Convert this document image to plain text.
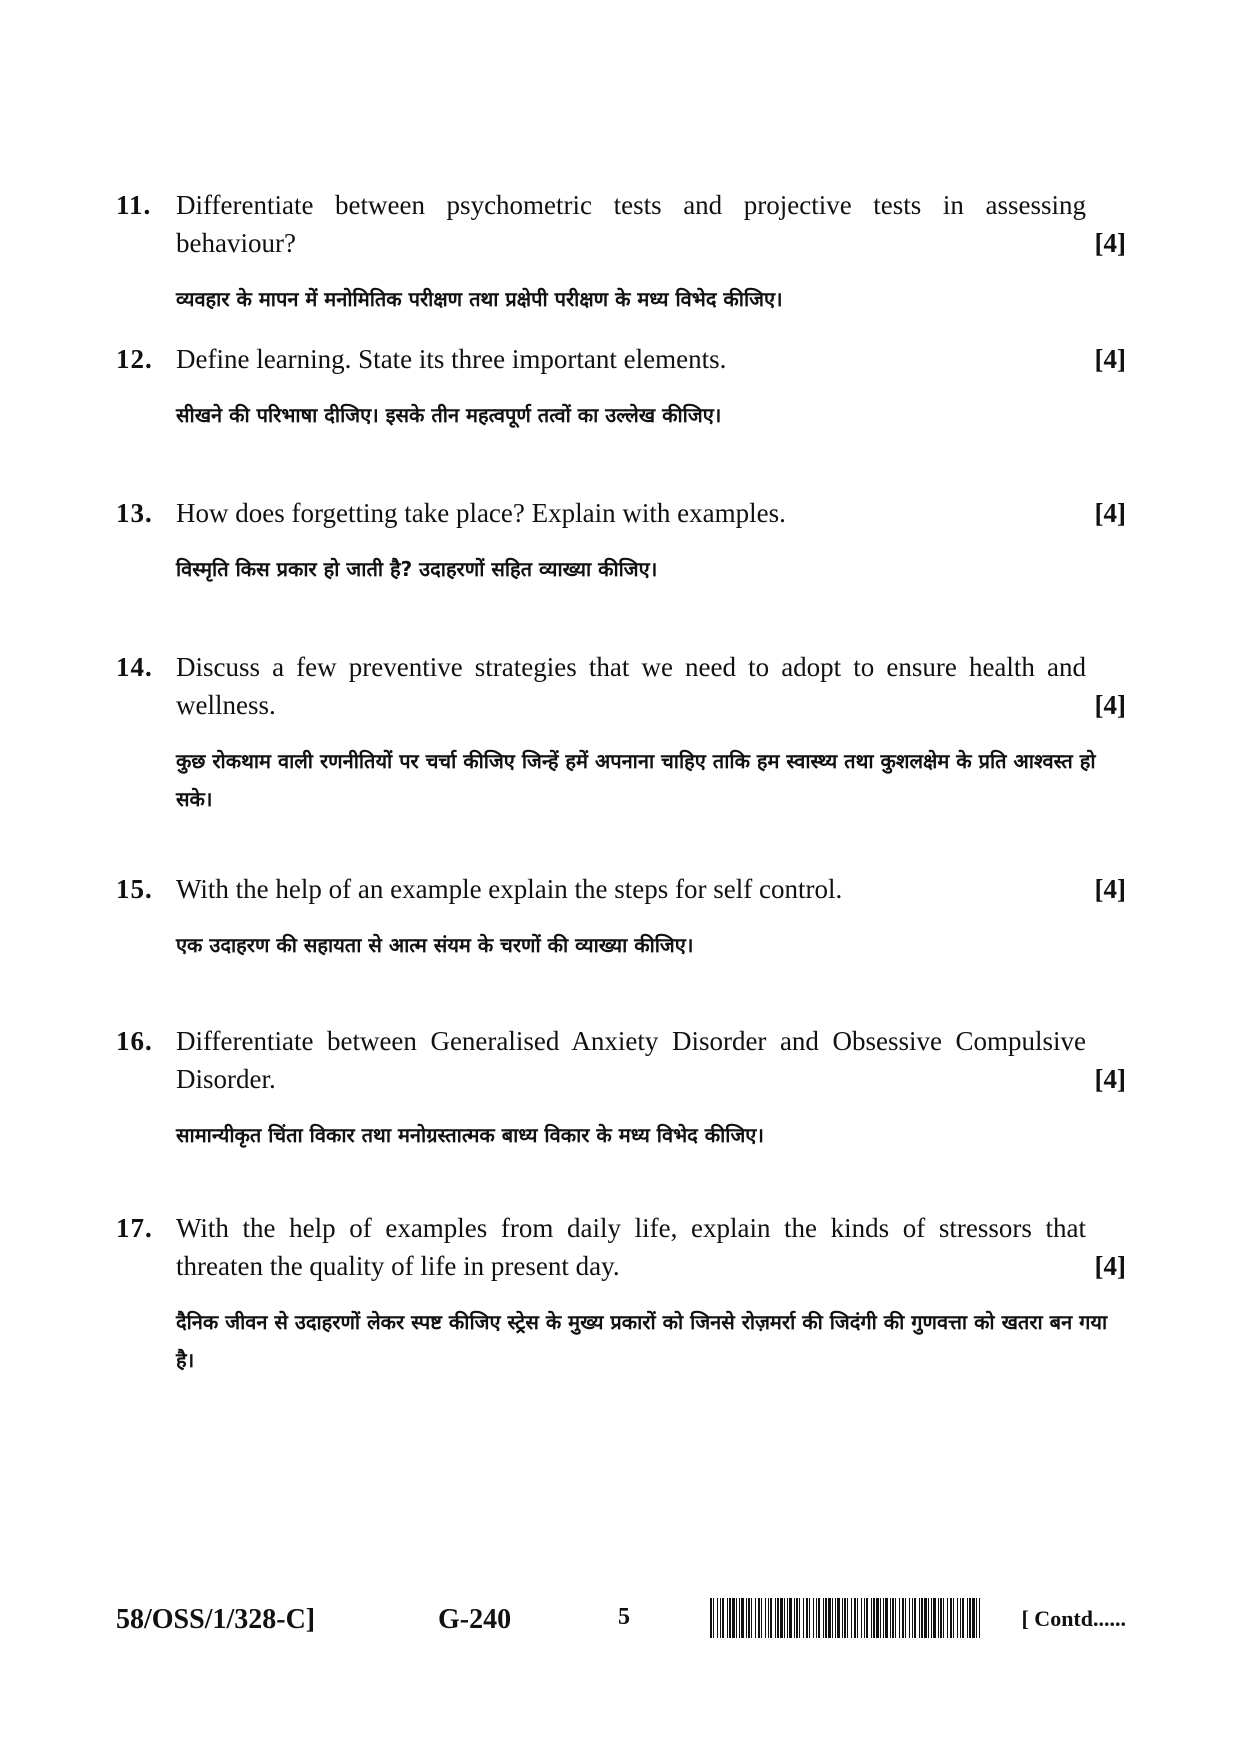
11. Differentiate between psychometric tests and projective tests in assessing behaviour?	[4]
व्यवहार के मापन में मनोमितिक परीक्षण तथा प्रक्षेपी परीक्षण के मध्य विभेद कीजिए।
12. Define learning. State its three important elements.	[4]
सीखने की परिभाषा दीजिए। इसके तीन महत्वपूर्ण तत्वों का उल्लेख कीजिए।
13. How does forgetting take place? Explain with examples.	[4]
विस्मृति किस प्रकार हो जाती है? उदाहरणों सहित व्याख्या कीजिए।
14. Discuss a few preventive strategies that we need to adopt to ensure health and wellness.	[4]
कुछ रोकथाम वाली रणनीतियों पर चर्चा कीजिए जिन्हें हमें अपनाना चाहिए ताकि हम स्वास्थ्य तथा कुशलक्षेम के प्रति आश्वस्त हो सके।
15. With the help of an example explain the steps for self control.	[4]
एक उदाहरण की सहायता से आत्म संयम के चरणों की व्याख्या कीजिए।
16. Differentiate between Generalised Anxiety Disorder and Obsessive Compulsive Disorder.	[4]
सामान्यीकृत चिंता विकार तथा मनोग्रस्तात्मक बाध्य विकार के मध्य विभेद कीजिए।
17. With the help of examples from daily life, explain the kinds of stressors that threaten the quality of life in present day.	[4]
दैनिक जीवन से उदाहरणों लेकर स्पष्ट कीजिए स्ट्रेस के मुख्य प्रकारों को जिनसे रोज़मर्रा की जिदंगी की गुणवत्ता को खतरा बन गया है।
58/OSS/1/328-C]	G-240	5	[ Contd......
